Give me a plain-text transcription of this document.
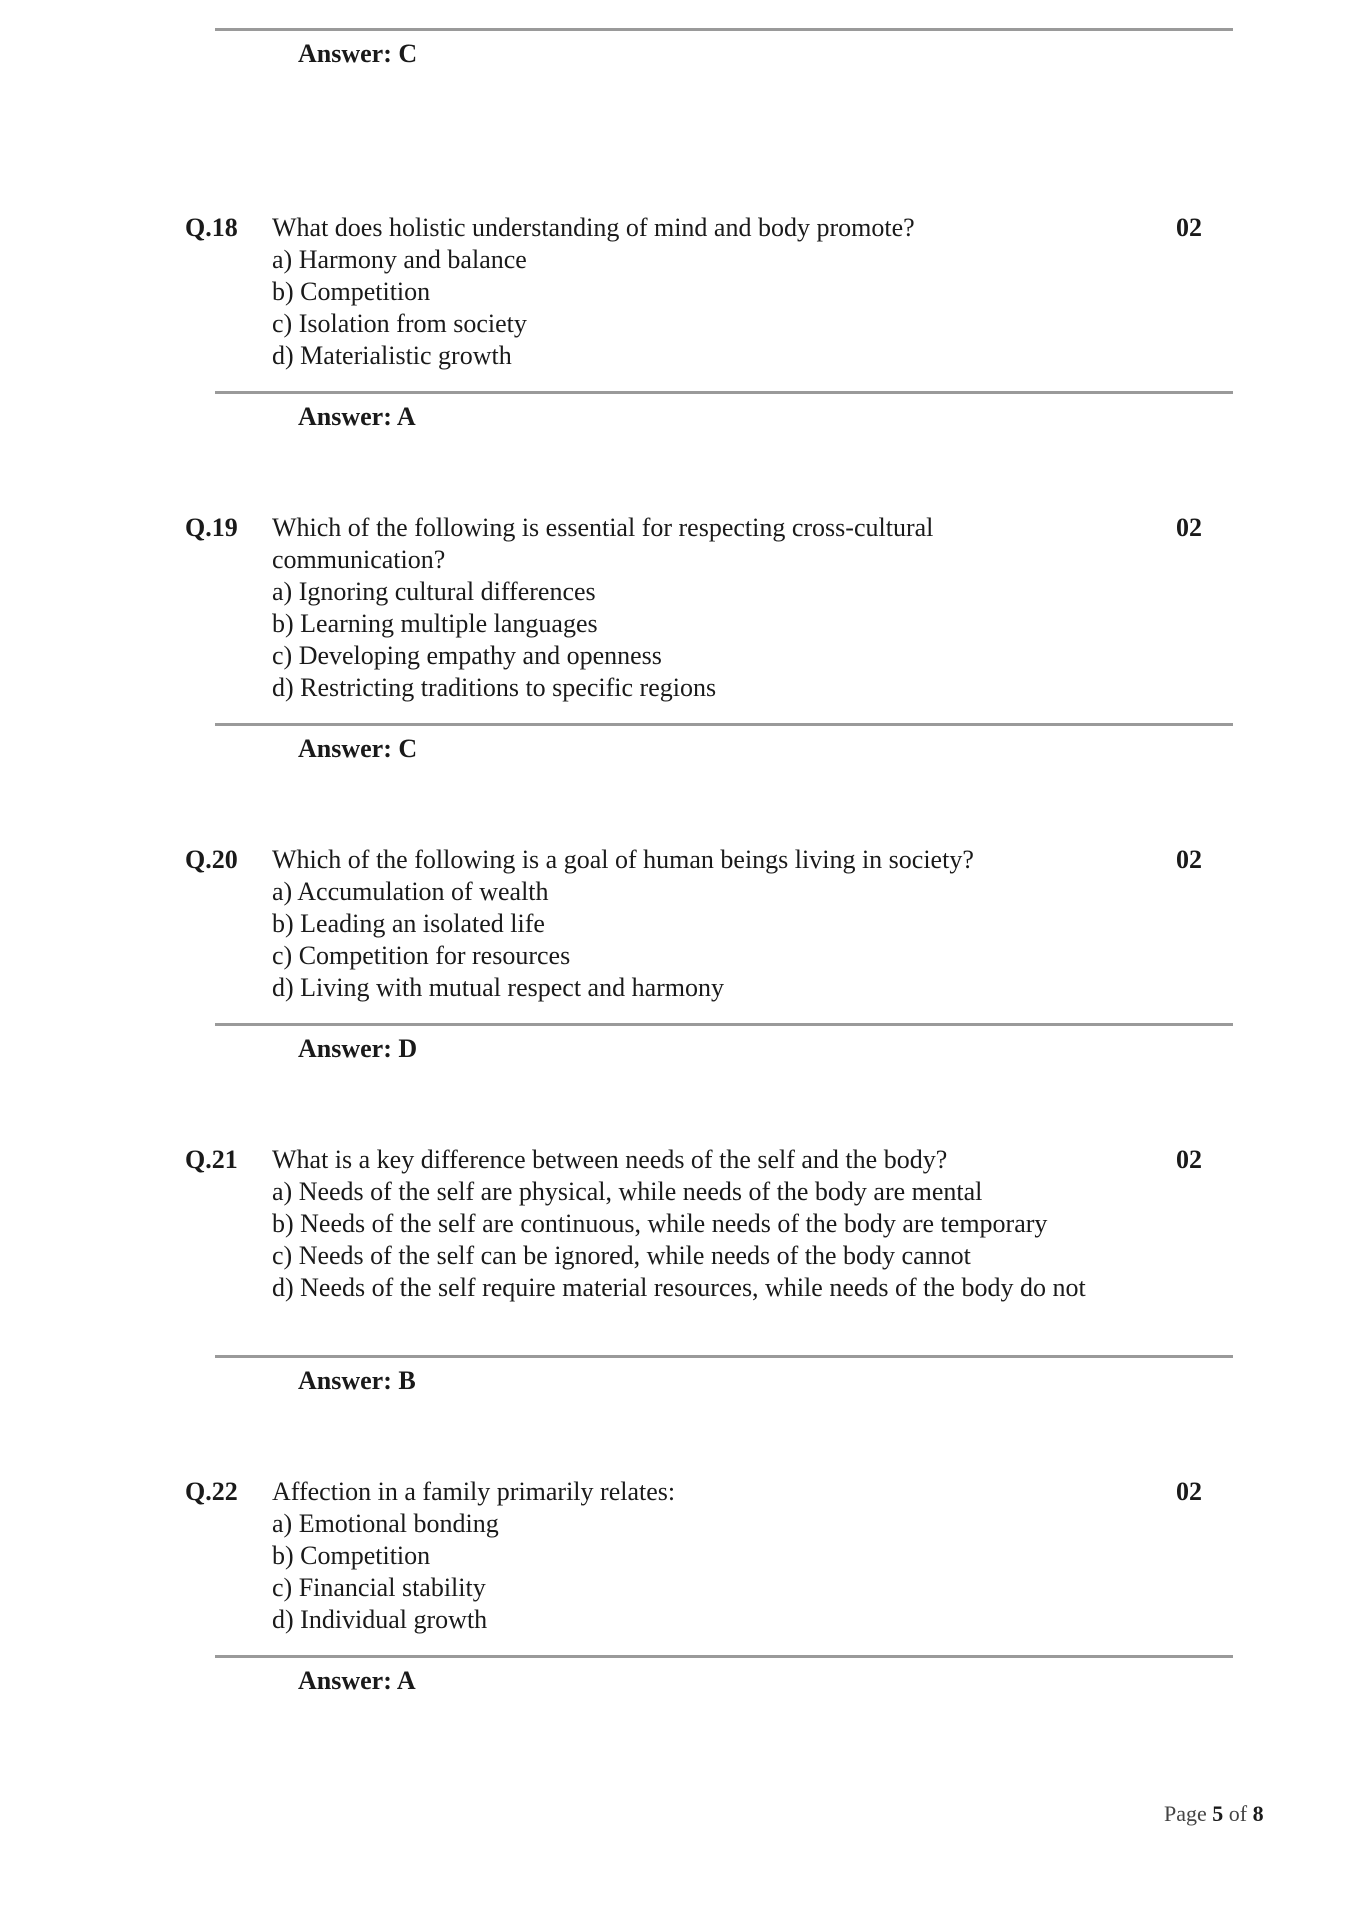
Answer: C
Q.18 What does holistic understanding of mind and body promote?
a) Harmony and balance
b) Competition
c) Isolation from society
d) Materialistic growth
02
Answer: A
Q.19 Which of the following is essential for respecting cross-cultural communication?
a) Ignoring cultural differences
b) Learning multiple languages
c) Developing empathy and openness
d) Restricting traditions to specific regions
02
Answer: C
Q.20 Which of the following is a goal of human beings living in society?
a) Accumulation of wealth
b) Leading an isolated life
c) Competition for resources
d) Living with mutual respect and harmony
02
Answer: D
Q.21 What is a key difference between needs of the self and the body?
a) Needs of the self are physical, while needs of the body are mental
b) Needs of the self are continuous, while needs of the body are temporary
c) Needs of the self can be ignored, while needs of the body cannot
d) Needs of the self require material resources, while needs of the body do not
02
Answer: B
Q.22 Affection in a family primarily relates:
a) Emotional bonding
b) Competition
c) Financial stability
d) Individual growth
02
Answer: A
Page 5 of 8
